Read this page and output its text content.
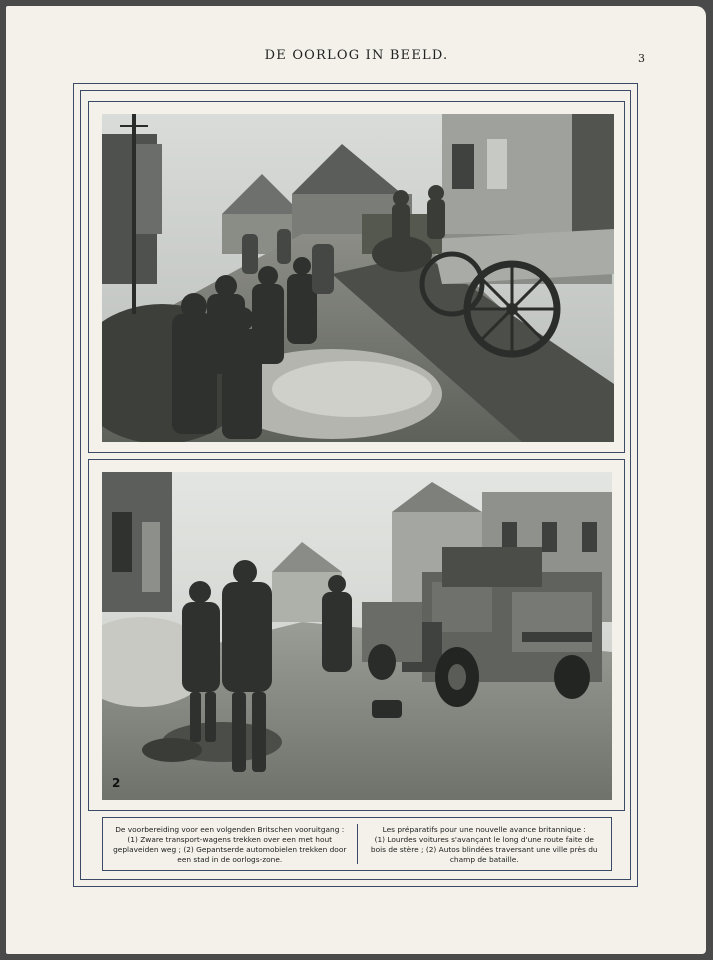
DE OORLOG IN BEELD.	3
2

De voorbereiding voor een volgenden Britschen vooruitgang :

(1) Zware transport-wagens trekken over een met hout

geplaveiden weg ; (2) Gepantserde automobielen trekken door

een stad in de oorlogs-zone.

Les préparatifs pour une nouvelle avance britannique :

(1) Lourdes voitures s'avançant le long d'une route faite de

bois de stère ; (2) Autos blindées traversant une ville près du

champ de bataille.
